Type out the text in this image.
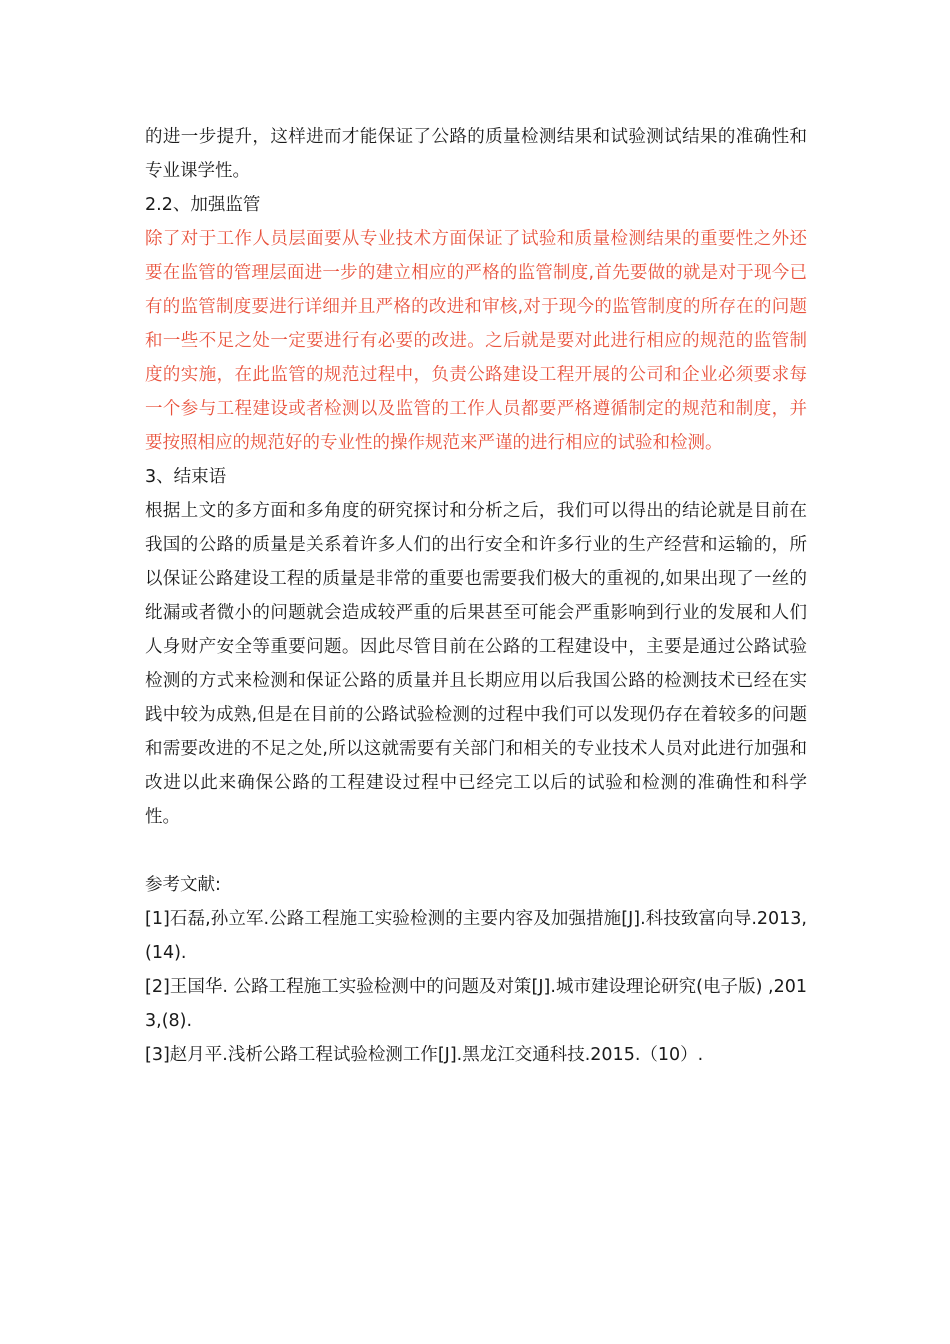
的进一步提升，这样进而才能保证了公路的质量检测结果和试验测试结果的准确性和专业课学性。

2.2、加强监管

除了对于工作人员层面要从专业技术方面保证了试验和质量检测结果的重要性之外还要在监管的管理层面进一步的建立相应的严格的监管制度,首先要做的就是对于现今已有的监管制度要进行详细并且严格的改进和审核,对于现今的监管制度的所存在的问题和一些不足之处一定要进行有必要的改进。之后就是要对此进行相应的规范的监管制度的实施，在此监管的规范过程中，负责公路建设工程开展的公司和企业必须要求每一个参与工程建设或者检测以及监管的工作人员都要严格遵循制定的规范和制度，并要按照相应的规范好的专业性的操作规范来严谨的进行相应的试验和检测。

3、结束语

根据上文的多方面和多角度的研究探讨和分析之后，我们可以得出的结论就是目前在我国的公路的质量是关系着许多人们的出行安全和许多行业的生产经营和运输的，所以保证公路建设工程的质量是非常的重要也需要我们极大的重视的,如果出现了一丝的纰漏或者微小的问题就会造成较严重的后果甚至可能会严重影响到行业的发展和人们人身财产安全等重要问题。因此尽管目前在公路的工程建设中，主要是通过公路试验检测的方式来检测和保证公路的质量并且长期应用以后我国公路的检测技术已经在实践中较为成熟,但是在目前的公路试验检测的过程中我们可以发现仍存在着较多的问题和需要改进的不足之处,所以这就需要有关部门和相关的专业技术人员对此进行加强和改进以此来确保公路的工程建设过程中已经完工以后的试验和检测的准确性和科学性。

参考文献:

[1]石磊,孙立军.公路工程施工实验检测的主要内容及加强措施[J].科技致富向导.2013,(14).

[2]王国华. 公路工程施工实验检测中的问题及对策[J].城市建设理论研究(电子版) ,2013,(8).

[3]赵月平.浅析公路工程试验检测工作[J].黑龙江交通科技.2015.（10）.
